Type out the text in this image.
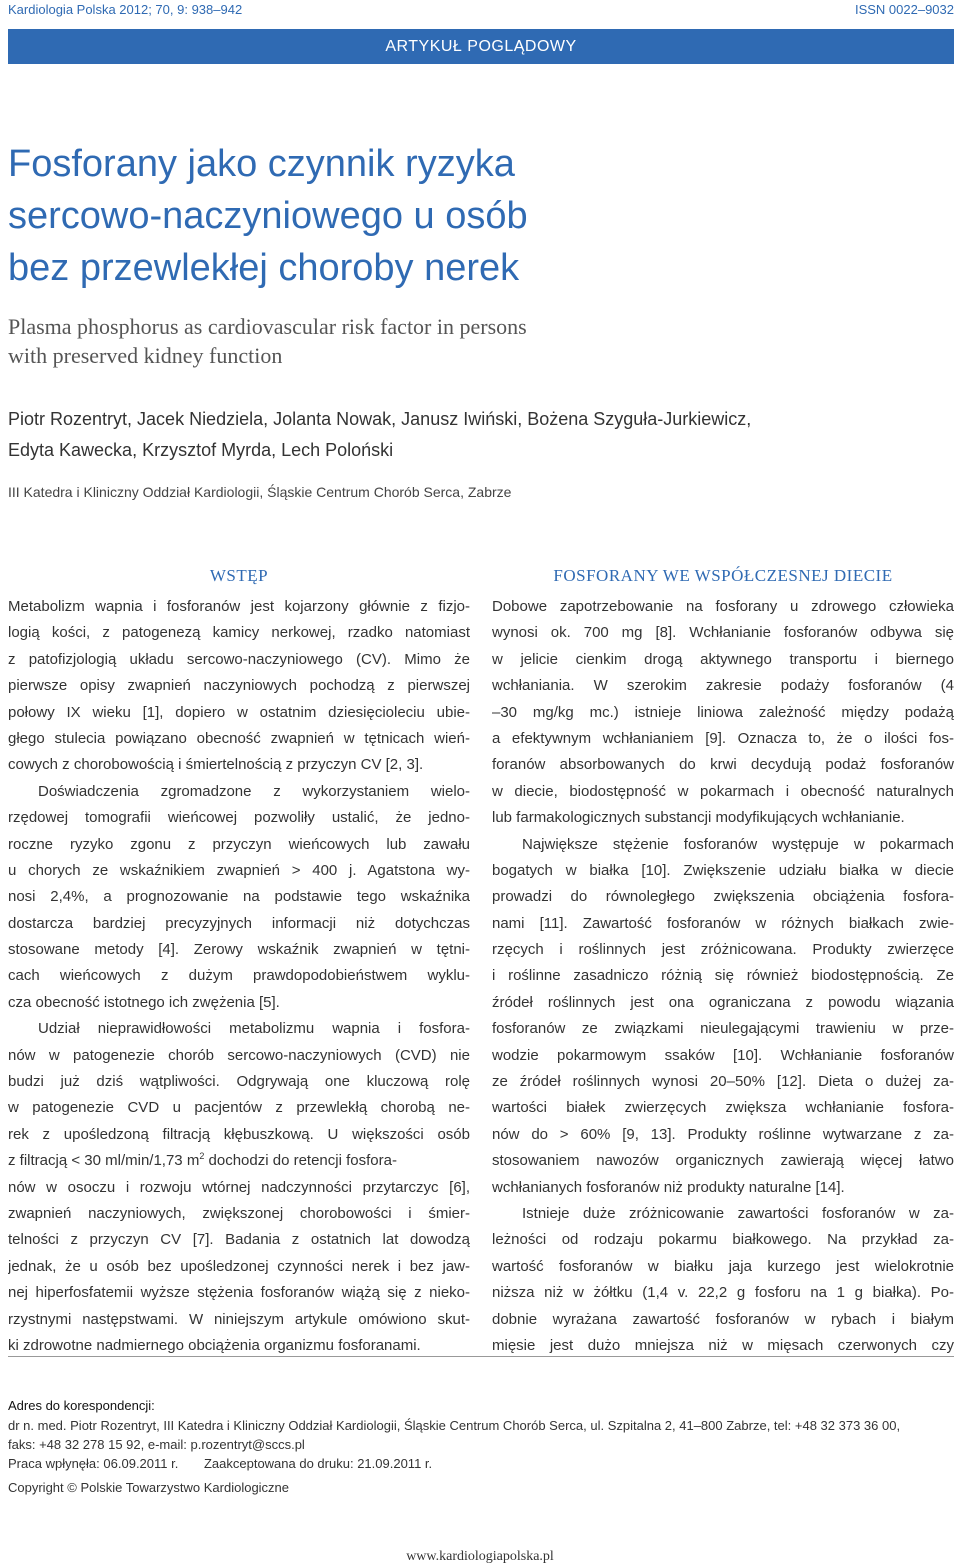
Kardiologia Polska 2012; 70, 9: 938–942	ISSN 0022–9032
ARTYKUŁ POGLĄDOWY
Fosforany jako czynnik ryzyka
sercowo-naczyniowego u osób
bez przewlekłej choroby nerek

Plasma phosphorus as cardiovascular risk factor in persons
with preserved kidney function

Piotr Rozentryt, Jacek Niedziela, Jolanta Nowak, Janusz Iwiński, Bożena Szyguła-Jurkiewicz,
Edyta Kawecka, Krzysztof Myrda, Lech Poloński
III Katedra i Kliniczny Oddział Kardiologii, Śląskie Centrum Chorób Serca, Zabrze
WSTĘP
Metabolizm wapnia i fosforanów jest kojarzony głównie z fizjo-
logią kości, z patogenezą kamicy nerkowej, rzadko natomiast
z patofizjologią układu sercowo-naczyniowego (CV). Mimo że
pierwsze opisy zwapnień naczyniowych pochodzą z pierwszej
połowy IX wieku [1], dopiero w ostatnim dziesięcioleciu ubie-
głego stulecia powiązano obecność zwapnień w tętnicach wień-
cowych z chorobowością i śmiertelnością z przyczyn CV [2, 3].
Doświadczenia zgromadzone z wykorzystaniem wielo-
rzędowej tomografii wieńcowej pozwoliły ustalić, że jedno-
roczne ryzyko zgonu z przyczyn wieńcowych lub zawału
u chorych ze wskaźnikiem zwapnień > 400 j. Agatstona wy-
nosi 2,4%, a prognozowanie na podstawie tego wskaźnika
dostarcza bardziej precyzyjnych informacji niż dotychczas
stosowane metody [4]. Zerowy wskaźnik zwapnień w tętni-
cach wieńcowych z dużym prawdopodobieństwem wyklu-
cza obecność istotnego ich zwężenia [5].
Udział nieprawidłowości metabolizmu wapnia i fosfora-
nów w patogenezie chorób sercowo-naczyniowych (CVD) nie
budzi już dziś wątpliwości. Odgrywają one kluczową rolę
w patogenezie CVD u pacjentów z przewlekłą chorobą ne-
rek z upośledzoną filtracją kłębuszkową. U większości osób
z filtracją < 30 ml/min/1,73 $m^2$ dochodzi do retencji fosfora-
nów w osoczu i rozwoju wtórnej nadczynności przytarczyc [6],
zwapnień naczyniowych, zwiększonej chorobowości i śmier-
telności z przyczyn CV [7]. Badania z ostatnich lat dowodzą
jednak, że u osób bez upośledzonej czynności nerek i bez jaw-
nej hiperfosfatemii wyższe stężenia fosforanów wiążą się z nieko-
rzystnymi następstwami. W niniejszym artykule omówiono skut-
ki zdrowotne nadmiernego obciążenia organizmu fosforanami.
FOSFORANY WE WSPÓŁCZESNEJ DIECIE
Dobowe zapotrzebowanie na fosforany u zdrowego człowieka
wynosi ok. 700 mg [8]. Wchłanianie fosforanów odbywa się
w jelicie cienkim drogą aktywnego transportu i biernego
wchłaniania. W szerokim zakresie podaży fosforanów (4
–30 mg/kg mc.) istnieje liniowa zależność między podażą
a efektywnym wchłanianiem [9]. Oznacza to, że o ilości fos-
foranów absorbowanych do krwi decydują podaż fosforanów
w diecie, biodostępność w pokarmach i obecność naturalnych
lub farmakologicznych substancji modyfikujących wchłanianie.
Największe stężenie fosforanów występuje w pokarmach
bogatych w białka [10]. Zwiększenie udziału białka w diecie
prowadzi do równoległego zwiększenia obciążenia fosfora-
nami [11]. Zawartość fosforanów w różnych białkach zwie-
rzęcych i roślinnych jest zróżnicowana. Produkty zwierzęce
i roślinne zasadniczo różnią się również biodostępnością. Ze
źródeł roślinnych jest ona ograniczana z powodu wiązania
fosforanów ze związkami nieulegającymi trawieniu w prze-
wodzie pokarmowym ssaków [10]. Wchłanianie fosforanów
ze źródeł roślinnych wynosi 20–50% [12]. Dieta o dużej za-
wartości białek zwierzęcych zwiększa wchłanianie fosfora-
nów do > 60% [9, 13]. Produkty roślinne wytwarzane z za-
stosowaniem nawozów organicznych zawierają więcej łatwo
wchłanianych fosforanów niż produkty naturalne [14].
Istnieje duże zróżnicowanie zawartości fosforanów w za-
leżności od rodzaju pokarmu białkowego. Na przykład za-
wartość fosforanów w białku jaja kurzego jest wielokrotnie
niższa niż w żółtku (1,4 v. 22,2 g fosforu na 1 g białka). Po-
dobnie wyrażana zawartość fosforanów w rybach i białym
mięsie jest dużo mniejsza niż w mięsach czerwonych czy
Adres do korespondencji:
dr n. med. Piotr Rozentryt, III Katedra i Kliniczny Oddział Kardiologii, Śląskie Centrum Chorób Serca, ul. Szpitalna 2, 41–800 Zabrze, tel: +48 32 373 36 00,
faks: +48 32 278 15 92, e-mail: p.rozentryt@sccs.pl
Praca wpłynęła: 06.09.2011 r. Zaakceptowana do druku: 21.09.2011 r.
Copyright © Polskie Towarzystwo Kardiologiczne
www.kardiologiapolska.pl
